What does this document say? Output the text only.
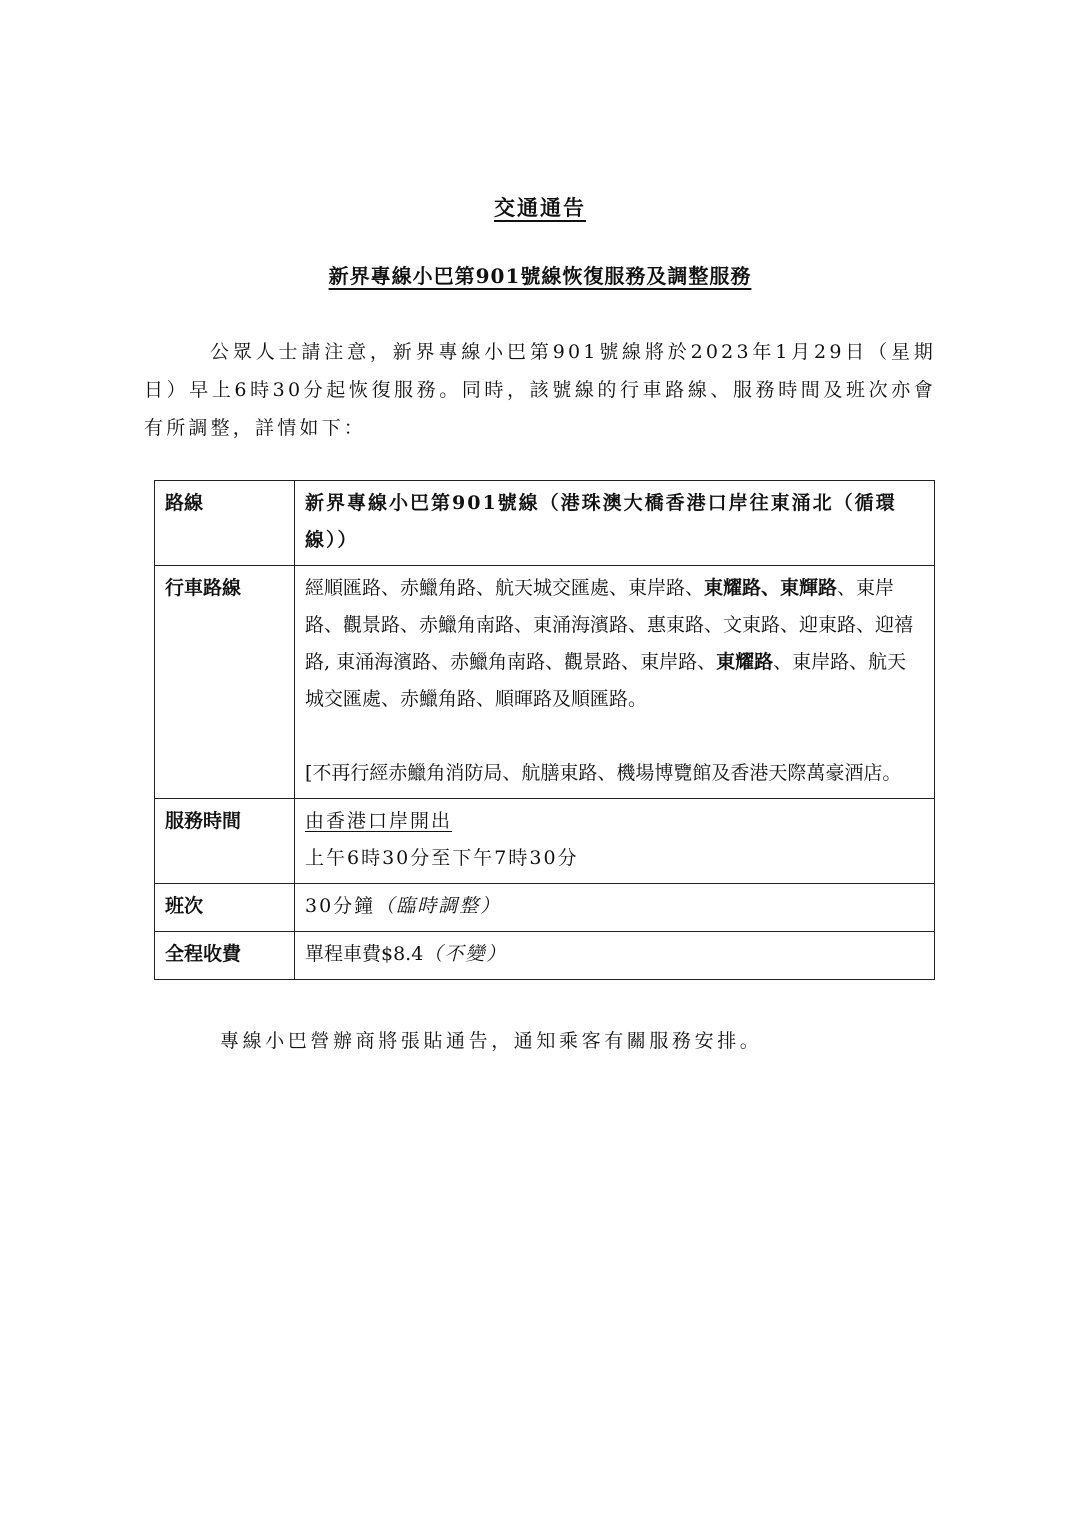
交通通告
新界專線小巴第901號線恢復服務及調整服務

公眾人士請注意，新界專線小巴第901號線將於2023年1月29日（星期日）早上6時30分起恢復服務。同時，該號線的行車路線、服務時間及班次亦會有所調整，詳情如下：

路線	新界專線小巴第901號線（港珠澳大橋香港口岸往東涌北（循環線））
行車路線	經順匯路、赤鱲角路、航天城交匯處、東岸路、東耀路、東輝路、東岸路、觀景路、赤鱲角南路、東涌海濱路、惠東路、文東路、迎東路、迎禧路, 東涌海濱路、赤鱲角南路、觀景路、東岸路、東耀路、東岸路、航天城交匯處、赤鱲角路、順暉路及順匯路。
[不再行經赤鱲角消防局、航膳東路、機場博覽館及香港天際萬豪酒店。

服務時間	由香港口岸開出
上午6時30分至下午7時30分

班次	30分鐘（臨時調整）
全程收費	單程車費$8.4（不變）

專線小巴營辦商將張貼通告，通知乘客有關服務安排。
